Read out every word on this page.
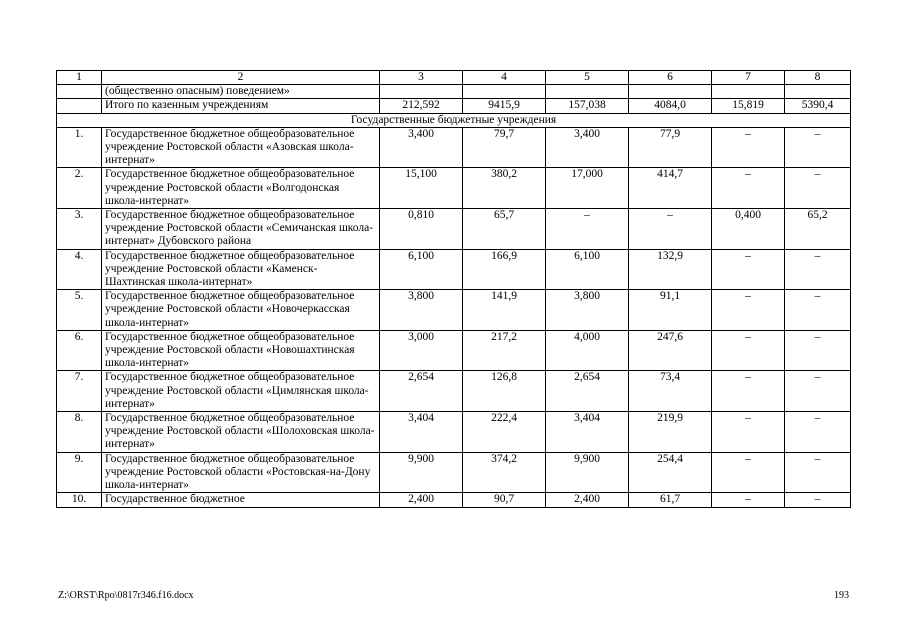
1	2	3	4	5	6	7	8
	(общественно опасным) поведением»						
	Итого по казенным учреждениям	212,592	9415,9	157,038	4084,0	15,819	5390,4
Государственные бюджетные учреждения							
1.	Государственное бюджетное общеобразовательное учреждение Ростовской области «Азовская школа-интернат»	3,400	79,7	3,400	77,9	–	–
2.	Государственное бюджетное общеобразовательное учреждение Ростовской области «Волгодонская школа-интернат»	15,100	380,2	17,000	414,7	–	–
3.	Государственное бюджетное общеобразовательное учреждение Ростовской области «Семичанская школа-интернат» Дубовского района	0,810	65,7	–	–	0,400	65,2
4.	Государственное бюджетное общеобразовательное учреждение Ростовской области «Каменск-Шахтинская школа-интернат»	6,100	166,9	6,100	132,9	–	–
5.	Государственное бюджетное общеобразовательное учреждение Ростовской области «Новочеркасская школа-интернат»	3,800	141,9	3,800	91,1	–	–
6.	Государственное бюджетное общеобразовательное учреждение Ростовской области «Новошахтинская школа-интернат»	3,000	217,2	4,000	247,6	–	–
7.	Государственное бюджетное общеобразовательное учреждение Ростовской области «Цимлянская школа-интернат»	2,654	126,8	2,654	73,4	–	–
8.	Государственное бюджетное общеобразовательное учреждение Ростовской области «Шолоховская школа-интернат»	3,404	222,4	3,404	219,9	–	–
9.	Государственное бюджетное общеобразовательное учреждение Ростовской области «Ростовская-на-Дону школа-интернат»	9,900	374,2	9,900	254,4	–	–
10.	Государственное бюджетное	2,400	90,7	2,400	61,7	–	–
Z:\ORST\Rpo\0817r346.f16.docx	193
